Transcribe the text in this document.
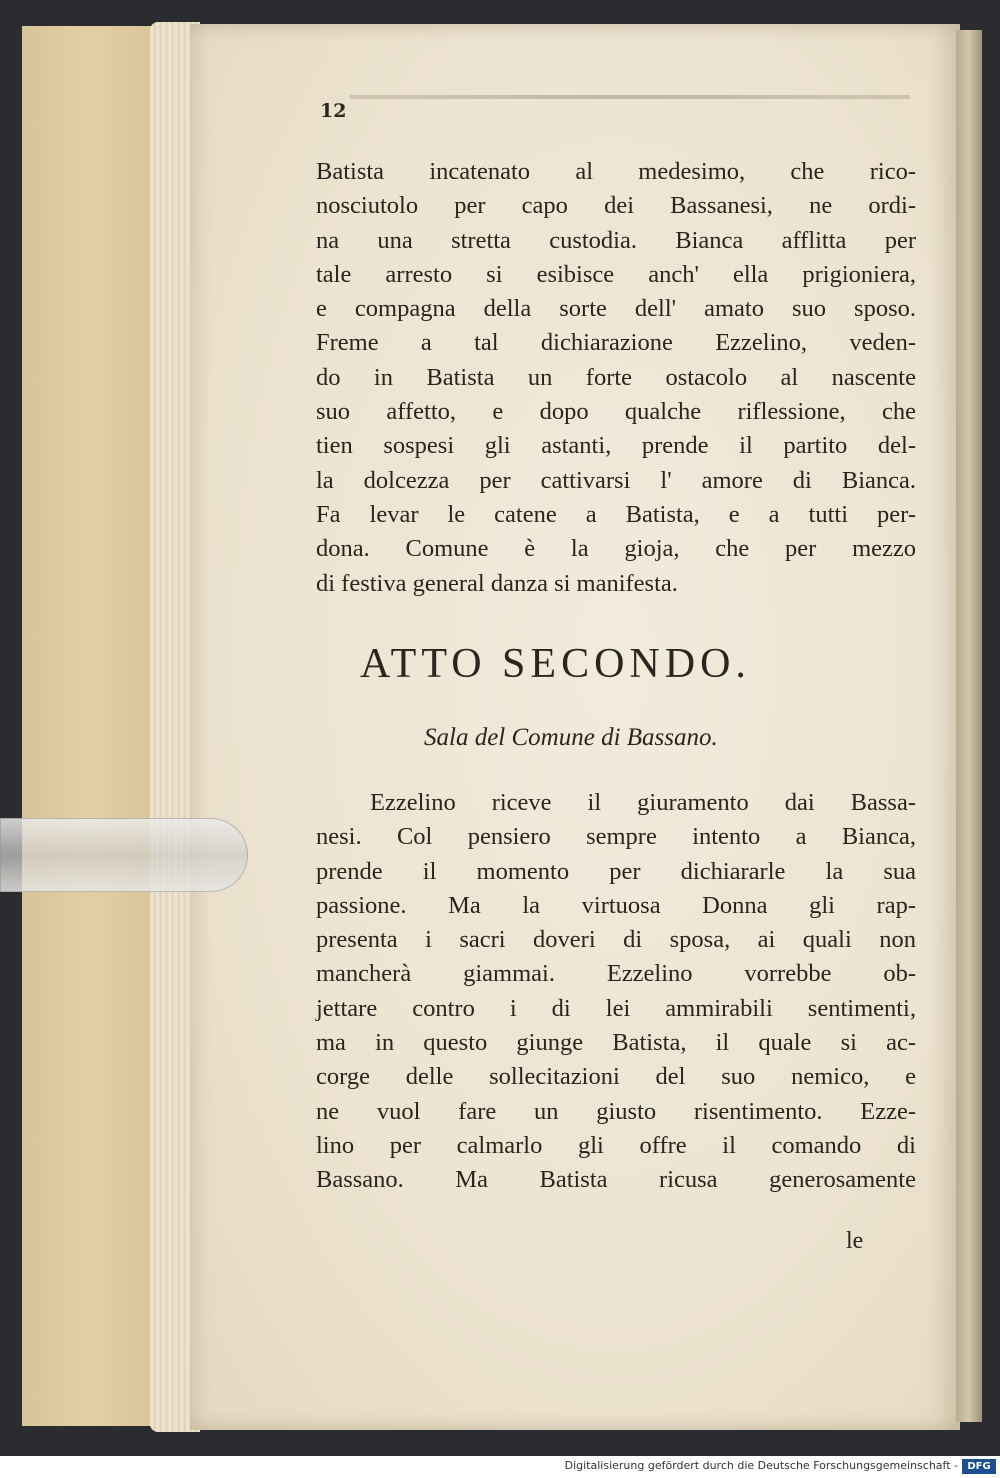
12
Batista incatenato al medesimo, che rico-
nosciutolo per capo dei Bassanesi, ne ordi-
na una stretta custodia. Bianca afflitta per
tale arresto si esibisce anch' ella prigioniera,
e compagna della sorte dell' amato suo sposo.
Freme a tal dichiarazione Ezzelino, veden-
do in Batista un forte ostacolo al nascente
suo affetto, e dopo qualche riflessione, che
tien sospesi gli astanti, prende il partito del-
la dolcezza per cattivarsi l' amore di Bianca.
Fa levar le catene a Batista, e a tutti per-
dona. Comune è la gioja, che per mezzo
di festiva general danza si manifesta.
ATTO SECONDO.
Sala del Comune di Bassano.
Ezzelino riceve il giuramento dai Bassa-
nesi. Col pensiero sempre intento a Bianca,
prende il momento per dichiararle la sua
passione. Ma la virtuosa Donna gli rap-
presenta i sacri doveri di sposa, ai quali non
mancherà giammai. Ezzelino vorrebbe ob-
jettare contro i di lei ammirabili sentimenti,
ma in questo giunge Batista, il quale si ac-
corge delle sollecitazioni del suo nemico, e
ne vuol fare un giusto risentimento. Ezze-
lino per calmarlo gli offre il comando di
Bassano. Ma Batista ricusa generosamente
le
Digitalisierung gefördert durch die Deutsche Forschungsgemeinschaft - DFG
